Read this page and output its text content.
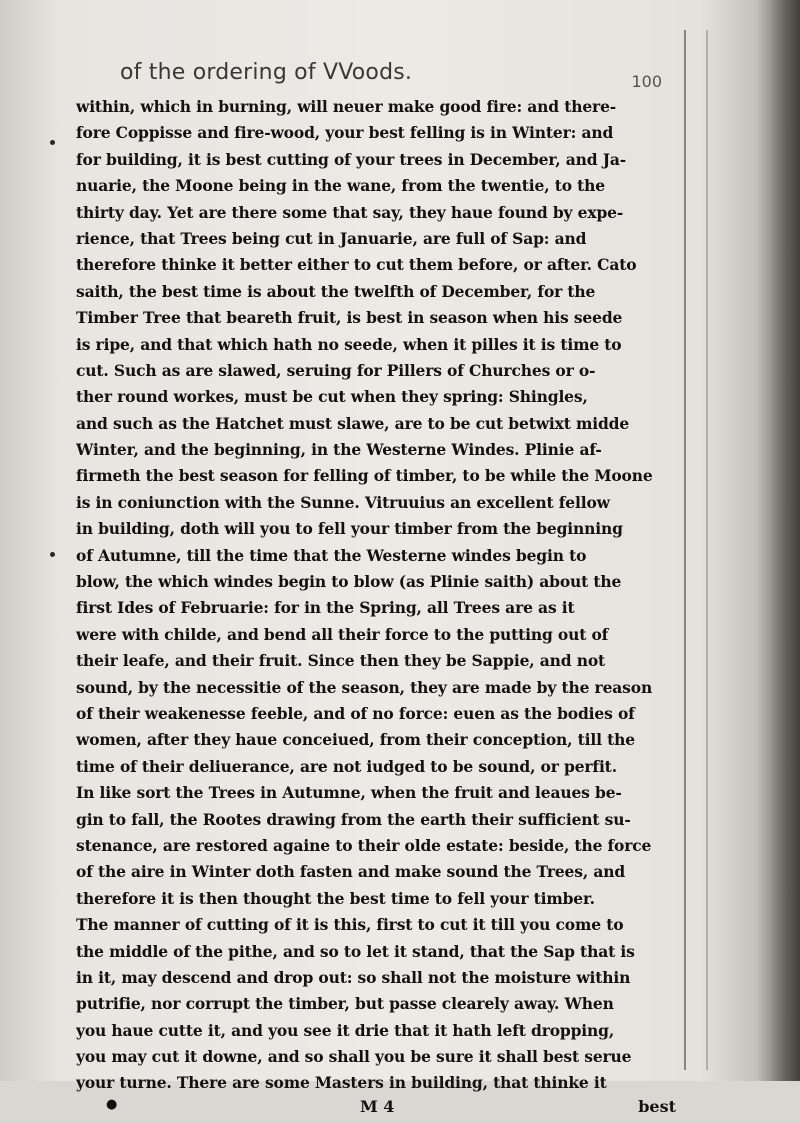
of the ordering of VVoods.	100
within, which in burning, will neuer make good fire: and there-
fore Coppisse and fire-wood, your best felling is in Winter: and
for building, it is best cutting of your trees in December, and Ja-
nuarie, the Moone being in the wane, from the twentie, to the
thirty day. Yet are there some that say, they haue found by expe-
rience, that Trees being cut in Januarie, are full of Sap: and
therefore thinke it better either to cut them before, or after. Cato
saith, the best time is about the twelfth of December, for the
Timber Tree that beareth fruit, is best in season when his seede
is ripe, and that which hath no seede, when it pilles it is time to
cut. Such as are slawed, seruing for Pillers of Churches or o-
ther round workes, must be cut when they spring: Shingles,
and such as the Hatchet must slawe, are to be cut betwixt midde
Winter, and the beginning, in the Westerne Windes. Plinie af-
firmeth the best season for felling of timber, to be while the Moone
is in coniunction with the Sunne. Vitruuius an excellent fellow
in building, doth will you to fell your timber from the beginning
of Autumne, till the time that the Westerne windes begin to
blow, the which windes begin to blow (as Plinie saith) about the
first Ides of Februarie: for in the Spring, all Trees are as it
were with childe, and bend all their force to the putting out of
their leafe, and their fruit. Since then they be Sappie, and not
sound, by the necessitie of the season, they are made by the reason
of their weakenesse feeble, and of no force: euen as the bodies of
women, after they haue conceiued, from their conception, till the
time of their deliuerance, are not iudged to be sound, or perfit.
In like sort the Trees in Autumne, when the fruit and leaues be-
gin to fall, the Rootes drawing from the earth their sufficient su-
stenance, are restored againe to their olde estate: beside, the force
of the aire in Winter doth fasten and make sound the Trees, and
therefore it is then thought the best time to fell your timber.
The manner of cutting of it is this, first to cut it till you come to
the middle of the pithe, and so to let it stand, that the Sap that is
in it, may descend and drop out: so shall not the moisture within
putrifie, nor corrupt the timber, but passe clearely away. When
you haue cutte it, and you see it drie that it hath left dropping,
you may cut it downe, and so shall you be sure it shall best serue
your turne. There are some Masters in building, that thinke it
●	M 4	best
